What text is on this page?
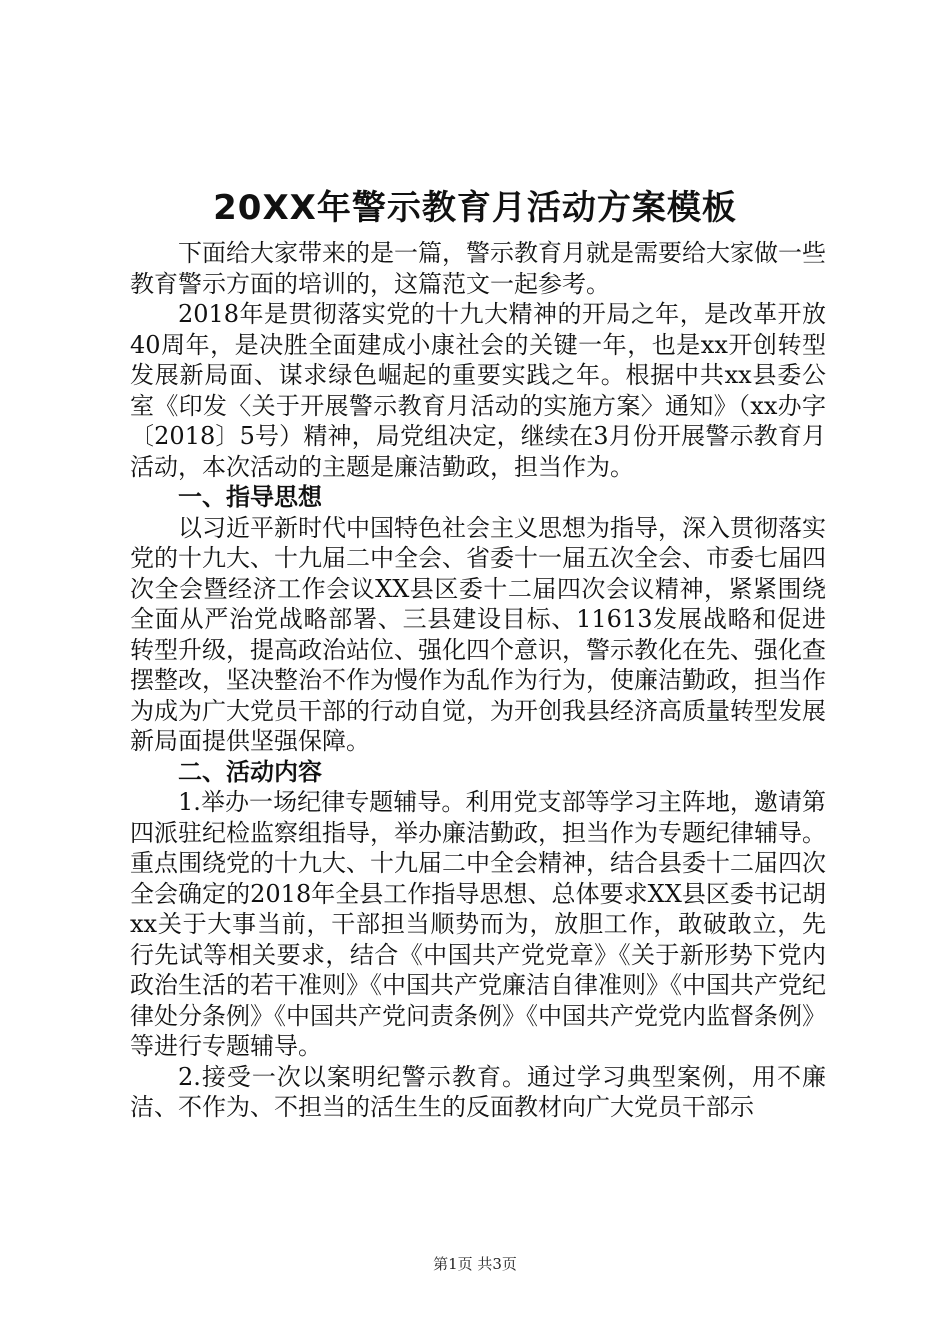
20XX年警示教育月活动方案模板

下面给大家带来的是一篇，警示教育月就是需要给大家做一些教育警示方面的培训的，这篇范文一起参考。

2018年是贯彻落实党的十九大精神的开局之年，是改革开放40周年，是决胜全面建成小康社会的关键一年，也是xx开创转型发展新局面、谋求绿色崛起的重要实践之年。根据中共xx县委公室《印发〈关于开展警示教育月活动的实施方案〉通知》（xx办字〔2018〕5号）精神，局党组决定，继续在3月份开展警示教育月活动，本次活动的主题是廉洁勤政，担当作为。

一、指导思想

以习近平新时代中国特色社会主义思想为指导，深入贯彻落实党的十九大、十九届二中全会、省委十一届五次全会、市委七届四次全会暨经济工作会议XX县区委十二届四次会议精神，紧紧围绕全面从严治党战略部署、三县建设目标、11613发展战略和促进转型升级，提高政治站位、强化四个意识，警示教化在先、强化查摆整改，坚决整治不作为慢作为乱作为行为，使廉洁勤政，担当作为成为广大党员干部的行动自觉，为开创我县经济高质量转型发展新局面提供坚强保障。

二、活动内容

1.举办一场纪律专题辅导。利用党支部等学习主阵地，邀请第四派驻纪检监察组指导，举办廉洁勤政，担当作为专题纪律辅导。重点围绕党的十九大、十九届二中全会精神，结合县委十二届四次全会确定的2018年全县工作指导思想、总体要求XX县区委书记胡xx关于大事当前，干部担当顺势而为，放胆工作，敢破敢立，先行先试等相关要求，结合《中国共产党党章》《关于新形势下党内政治生活的若干准则》《中国共产党廉洁自律准则》《中国共产党纪律处分条例》《中国共产党问责条例》《中国共产党党内监督条例》等进行专题辅导。

2.接受一次以案明纪警示教育。通过学习典型案例，用不廉洁、不作为、不担当的活生生的反面教材向广大党员干部示

第1页 共3页
